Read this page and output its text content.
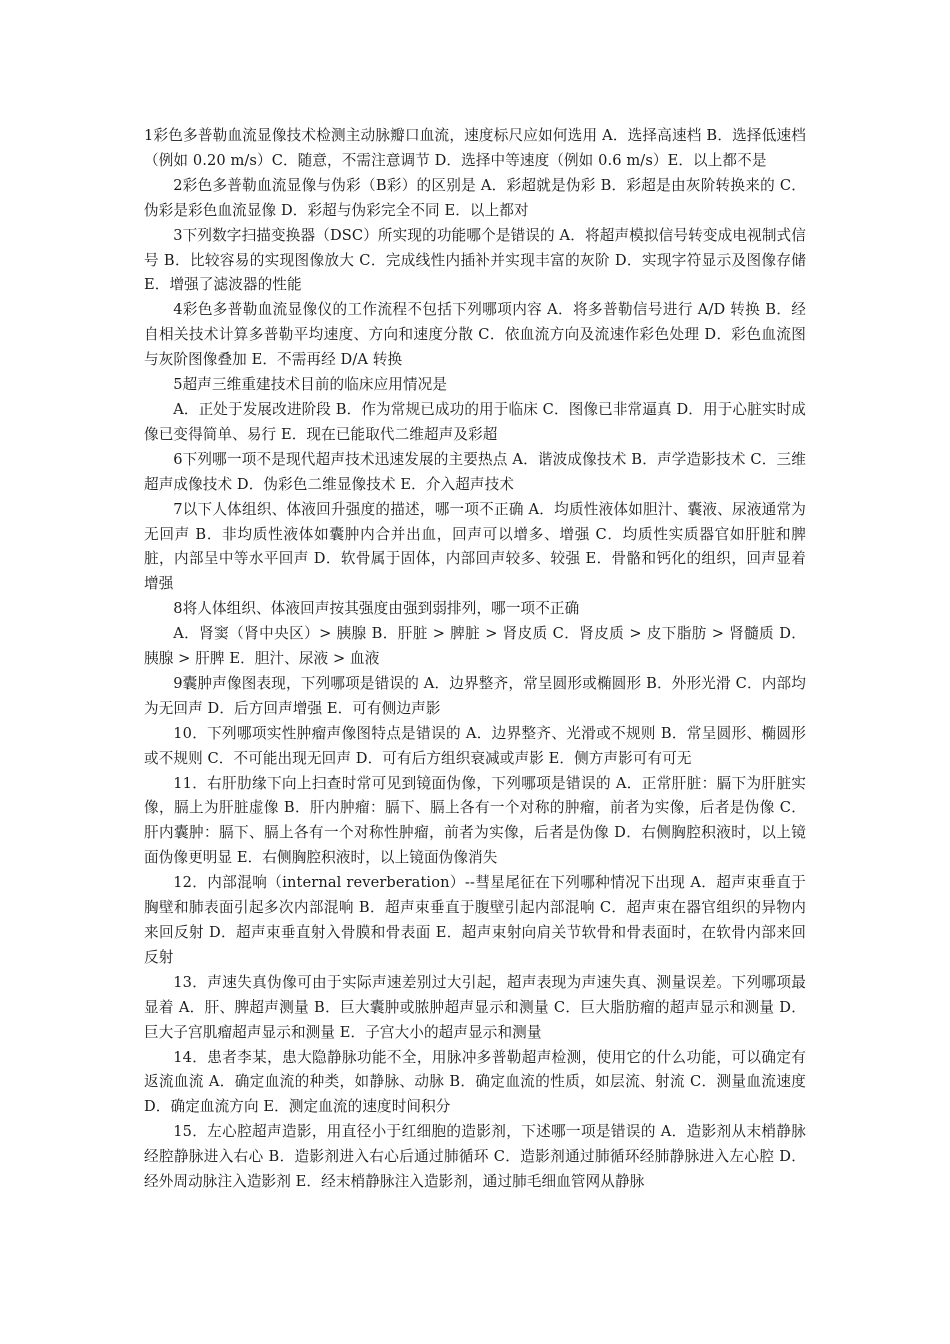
1彩色多普勒血流显像技术检测主动脉瓣口血流，速度标尺应如何选用 A．选择高速档 B．选择低速档（例如 0.20 m/s）C．随意，不需注意调节 D．选择中等速度（例如 0.6 m/s）E．以上都不是

2彩色多普勒血流显像与伪彩（B彩）的区别是 A．彩超就是伪彩 B．彩超是由灰阶转换来的 C．伪彩是彩色血流显像 D．彩超与伪彩完全不同 E．以上都对

3下列数字扫描变换器（DSC）所实现的功能哪个是错误的 A．将超声模拟信号转变成电视制式信号 B．比较容易的实现图像放大 C．完成线性内插补并实现丰富的灰阶 D．实现字符显示及图像存储 E．增强了滤波器的性能

4彩色多普勒血流显像仪的工作流程不包括下列哪项内容 A．将多普勒信号进行 A/D 转换 B．经自相关技术计算多普勒平均速度、方向和速度分散 C．依血流方向及流速作彩色处理 D．彩色血流图与灰阶图像叠加 E．不需再经 D/A 转换

5超声三维重建技术目前的临床应用情况是

A．正处于发展改进阶段 B．作为常规已成功的用于临床 C．图像已非常逼真 D．用于心脏实时成像已变得简单、易行 E．现在已能取代二维超声及彩超

6下列哪一项不是现代超声技术迅速发展的主要热点 A．谐波成像技术 B．声学造影技术 C．三维超声成像技术 D．伪彩色二维显像技术 E．介入超声技术

7以下人体组织、体液回升强度的描述，哪一项不正确 A．均质性液体如胆汁、囊液、尿液通常为无回声 B．非均质性液体如囊肿内合并出血，回声可以增多、增强 C．均质性实质器官如肝脏和脾脏，内部呈中等水平回声 D．软骨属于固体，内部回声较多、较强 E．骨骼和钙化的组织，回声显着增强

8将人体组织、体液回声按其强度由强到弱排列，哪一项不正确

A．肾窦（肾中央区）> 胰腺 B．肝脏 > 脾脏 > 肾皮质 C．肾皮质 > 皮下脂肪 > 肾髓质 D．胰腺 > 肝脾 E．胆汁、尿液 > 血液

9囊肿声像图表现，下列哪项是错误的 A．边界整齐，常呈圆形或椭圆形 B．外形光滑 C．内部均为无回声 D．后方回声增强 E．可有侧边声影

10．下列哪项实性肿瘤声像图特点是错误的 A．边界整齐、光滑或不规则 B．常呈圆形、椭圆形或不规则 C．不可能出现无回声 D．可有后方组织衰减或声影 E．侧方声影可有可无

11．右肝肋缘下向上扫查时常可见到镜面伪像，下列哪项是错误的 A．正常肝脏：膈下为肝脏实像，膈上为肝脏虚像 B．肝内肿瘤：膈下、膈上各有一个对称的肿瘤，前者为实像，后者是伪像 C．肝内囊肿：膈下、膈上各有一个对称性肿瘤，前者为实像，后者是伪像 D．右侧胸腔积液时，以上镜面伪像更明显 E．右侧胸腔积液时，以上镜面伪像消失

12．内部混响（internal reverberation）--彗星尾征在下列哪种情况下出现 A．超声束垂直于胸壁和肺表面引起多次内部混响 B．超声束垂直于腹壁引起内部混响 C．超声束在器官组织的异物内来回反射 D．超声束垂直射入骨膜和骨表面 E．超声束射向肩关节软骨和骨表面时，在软骨内部来回反射

13．声速失真伪像可由于实际声速差别过大引起，超声表现为声速失真、测量误差。下列哪项最显着 A．肝、脾超声测量 B．巨大囊肿或脓肿超声显示和测量 C．巨大脂肪瘤的超声显示和测量 D．巨大子宫肌瘤超声显示和测量 E．子宫大小的超声显示和测量

14．患者李某，患大隐静脉功能不全，用脉冲多普勒超声检测，使用它的什么功能，可以确定有返流血流 A．确定血流的种类，如静脉、动脉 B．确定血流的性质，如层流、射流 C．测量血流速度 D．确定血流方向 E．测定血流的速度时间积分

15．左心腔超声造影，用直径小于红细胞的造影剂，下述哪一项是错误的 A．造影剂从末梢静脉经腔静脉进入右心 B．造影剂进入右心后通过肺循环 C．造影剂通过肺循环经肺静脉进入左心腔 D．经外周动脉注入造影剂 E．经末梢静脉注入造影剂，通过肺毛细血管网从静脉
